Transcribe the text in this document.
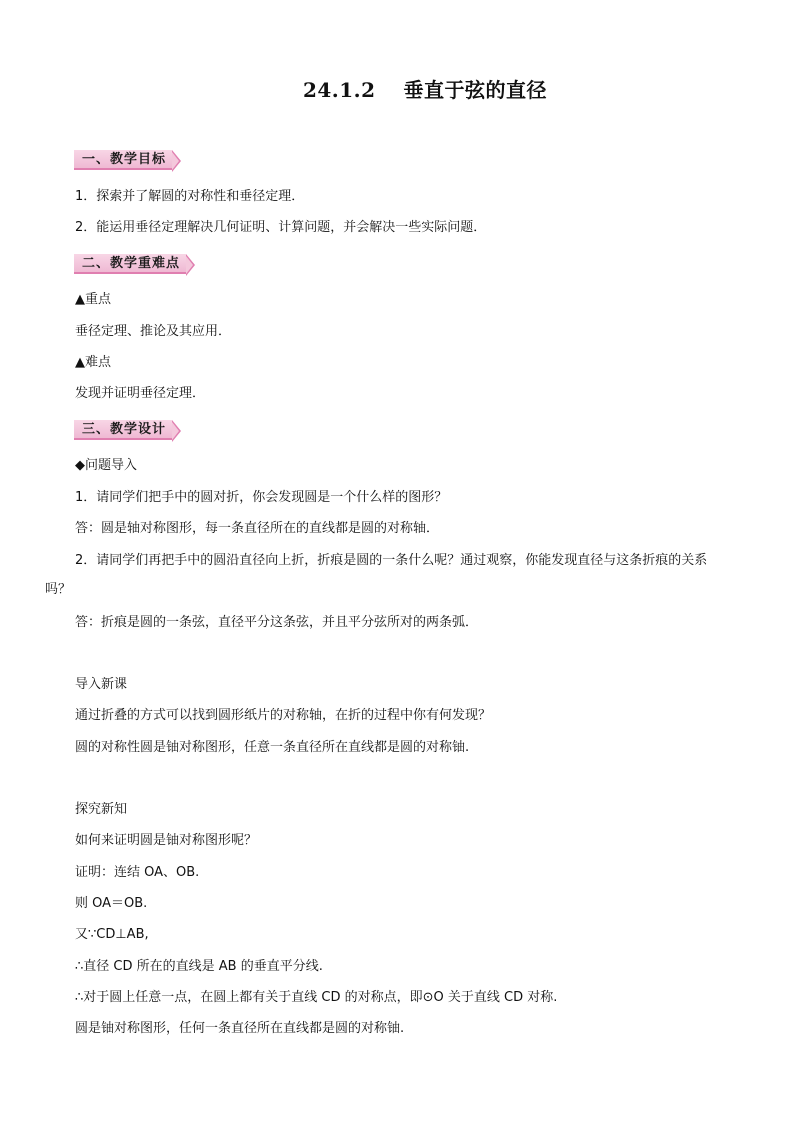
24.1.2　 垂直于弦的直径
一、教学目标
1．探索并了解圆的对称性和垂径定理．
2．能运用垂径定理解决几何证明、计算问题，并会解决一些实际问题．
二、教学重难点
▲重点
垂径定理、推论及其应用．
▲难点
发现并证明垂径定理．
三、教学设计
◆问题导入
1．请同学们把手中的圆对折，你会发现圆是一个什么样的图形？
答：圆是轴对称图形，每一条直径所在的直线都是圆的对称轴．
2．请同学们再把手中的圆沿直径向上折，折痕是圆的一条什么呢？通过观察，你能发现直径与这条折痕的关系吗？
答：折痕是圆的一条弦，直径平分这条弦，并且平分弦所对的两条弧．
导入新课
通过折叠的方式可以找到圆形纸片的对称轴，在折的过程中你有何发现？
圆的对称性圆是铀对称图形，任意一条直径所在直线都是圆的对称铀.
探究新知
如何来证明圆是铀对称图形呢？
证明：连结 OA、OB.
则 OA＝OB.
又∵CD⊥AB,
∴直径 CD 所在的直线是 AB 的垂直平分线.
∴对于圆上任意一点，在圆上都有关于直线 CD 的对称点，即⊙O 关于直线 CD 对称.
圆是铀对称图形，任何一条直径所在直线都是圆的对称铀.
